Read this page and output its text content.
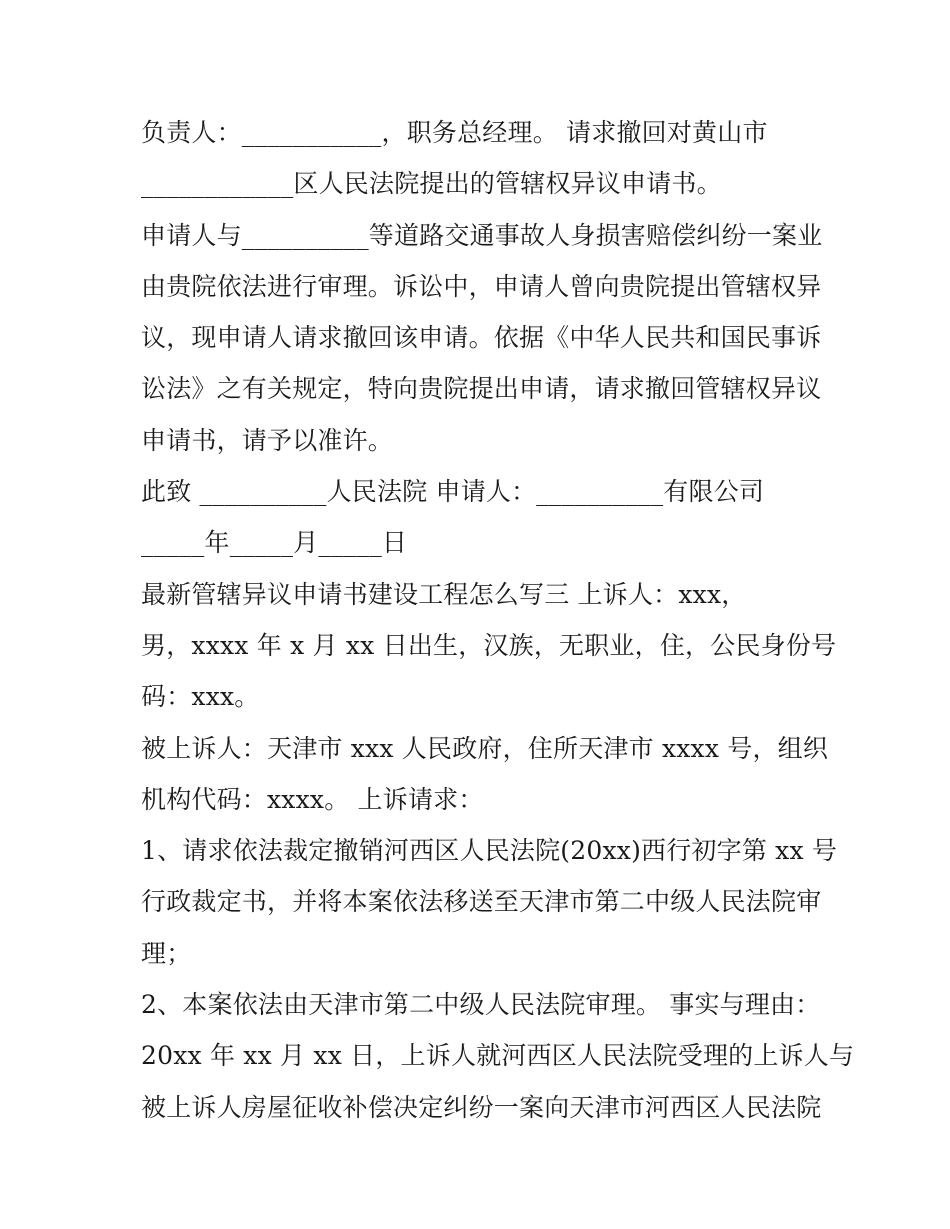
负责人：___________，职务总经理。 请求撤回对黄山市
____________区人民法院提出的管辖权异议申请书。
申请人与__________等道路交通事故人身损害赔偿纠纷一案业
由贵院依法进行审理。诉讼中，申请人曾向贵院提出管辖权异
议，现申请人请求撤回该申请。依据《中华人民共和国民事诉
讼法》之有关规定，特向贵院提出申请，请求撤回管辖权异议
申请书，请予以准许。
此致 __________人民法院 申请人：__________有限公司
_____年_____月_____日
最新管辖异议申请书建设工程怎么写三 上诉人：xxx，
男，xxxx 年 x 月 xx 日出生，汉族，无职业，住，公民身份号
码：xxx。
被上诉人：天津市 xxx 人民政府，住所天津市 xxxx 号，组织
机构代码：xxxx。 上诉请求：
1、请求依法裁定撤销河西区人民法院(20xx)西行初字第 xx 号
行政裁定书，并将本案依法移送至天津市第二中级人民法院审
理；
2、本案依法由天津市第二中级人民法院审理。 事实与理由：
20xx 年 xx 月 xx 日，上诉人就河西区人民法院受理的上诉人与
被上诉人房屋征收补偿决定纠纷一案向天津市河西区人民法院
